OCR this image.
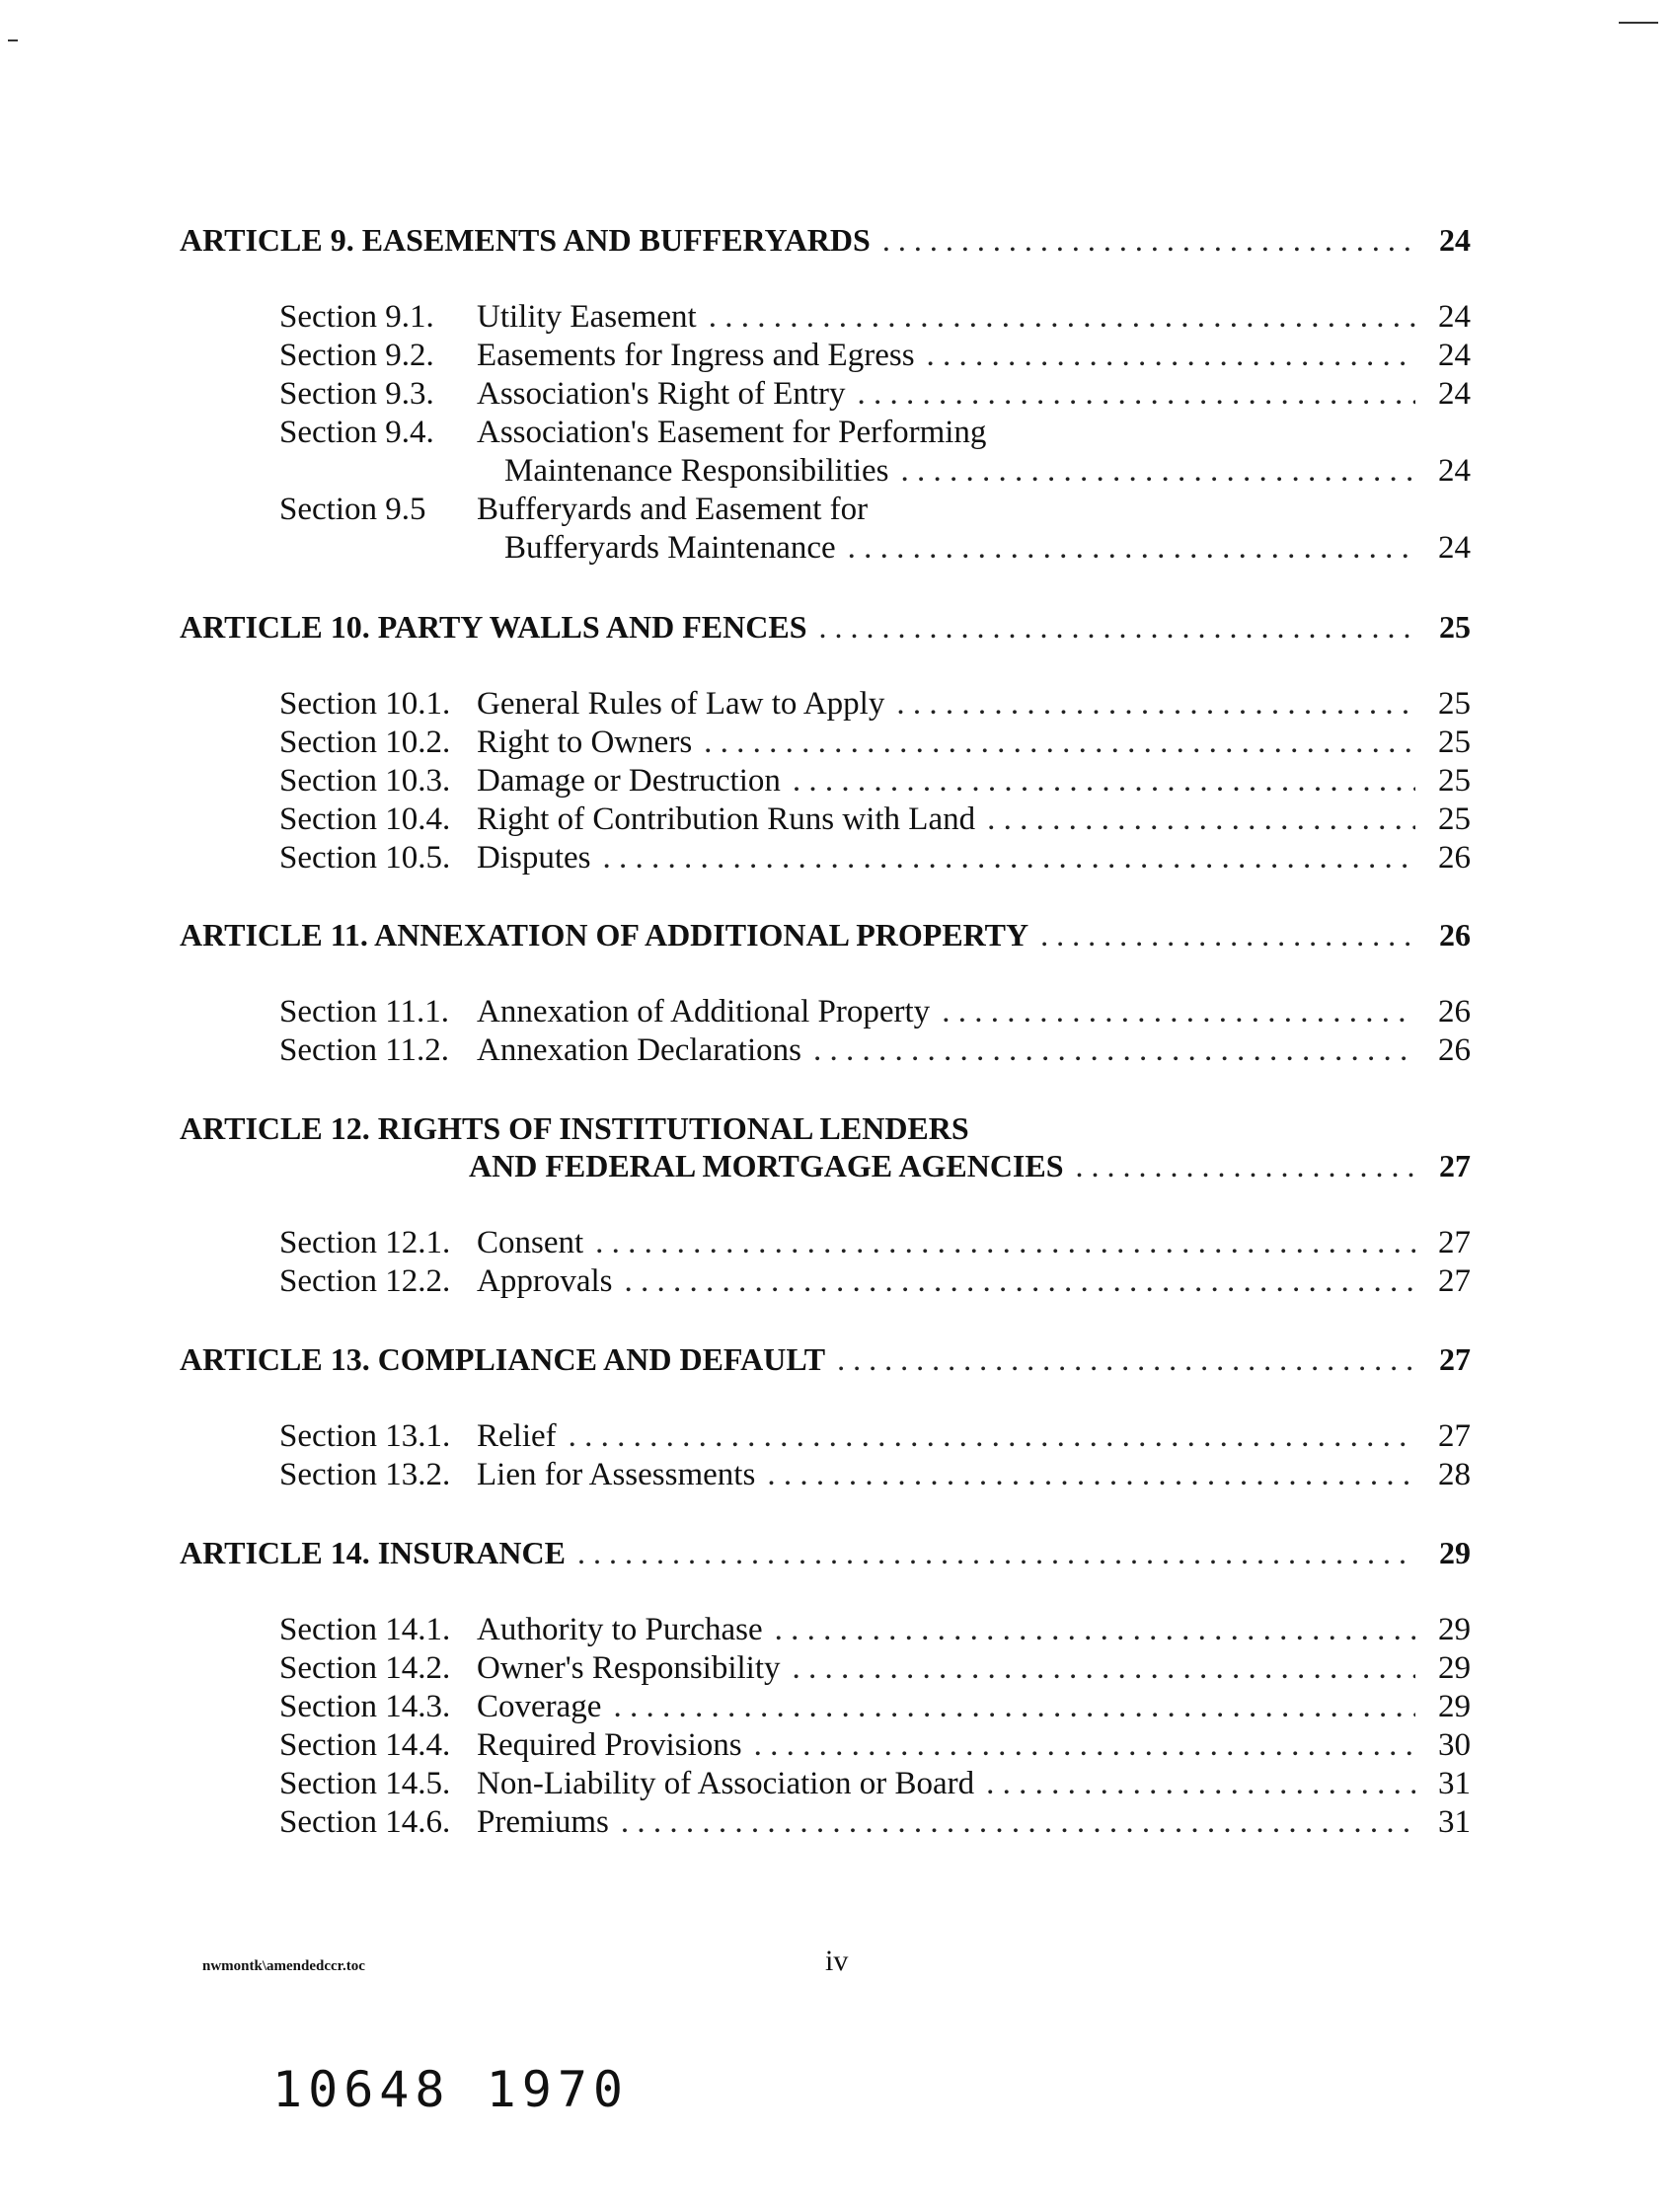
ARTICLE 9. EASEMENTS AND BUFFERYARDS . . .	24
Section 9.1. Utility Easement . . .	24
Section 9.2. Easements for Ingress and Egress . . .	24
Section 9.3. Association's Right of Entry . . .	24
Section 9.4. Association's Easement for Performing
Maintenance Responsibilities . . .	24
Section 9.5 Bufferyards and Easement for
Bufferyards Maintenance . . .	24
ARTICLE 10. PARTY WALLS AND FENCES . . .	25
Section 10.1. General Rules of Law to Apply . . .	25
Section 10.2. Right to Owners . . .	25
Section 10.3. Damage or Destruction . . .	25
Section 10.4. Right of Contribution Runs with Land . . .	25
Section 10.5. Disputes . . .	26
ARTICLE 11. ANNEXATION OF ADDITIONAL PROPERTY . . .	26
Section 11.1. Annexation of Additional Property . . .	26
Section 11.2. Annexation Declarations . . .	26
ARTICLE 12. RIGHTS OF INSTITUTIONAL LENDERS
AND FEDERAL MORTGAGE AGENCIES . . .	27
Section 12.1. Consent . . .	27
Section 12.2. Approvals . . .	27
ARTICLE 13. COMPLIANCE AND DEFAULT . . .	27
Section 13.1. Relief . . .	27
Section 13.2. Lien for Assessments . . .	28
ARTICLE 14. INSURANCE . . .	29
Section 14.1. Authority to Purchase . . .	29
Section 14.2. Owner's Responsibility . . .	29
Section 14.3. Coverage . . .	29
Section 14.4. Required Provisions . . .	30
Section 14.5. Non-Liability of Association or Board . . .	31
Section 14.6. Premiums . . .	31
nwmontk\amendedccr.toc	iv
10648 1970
